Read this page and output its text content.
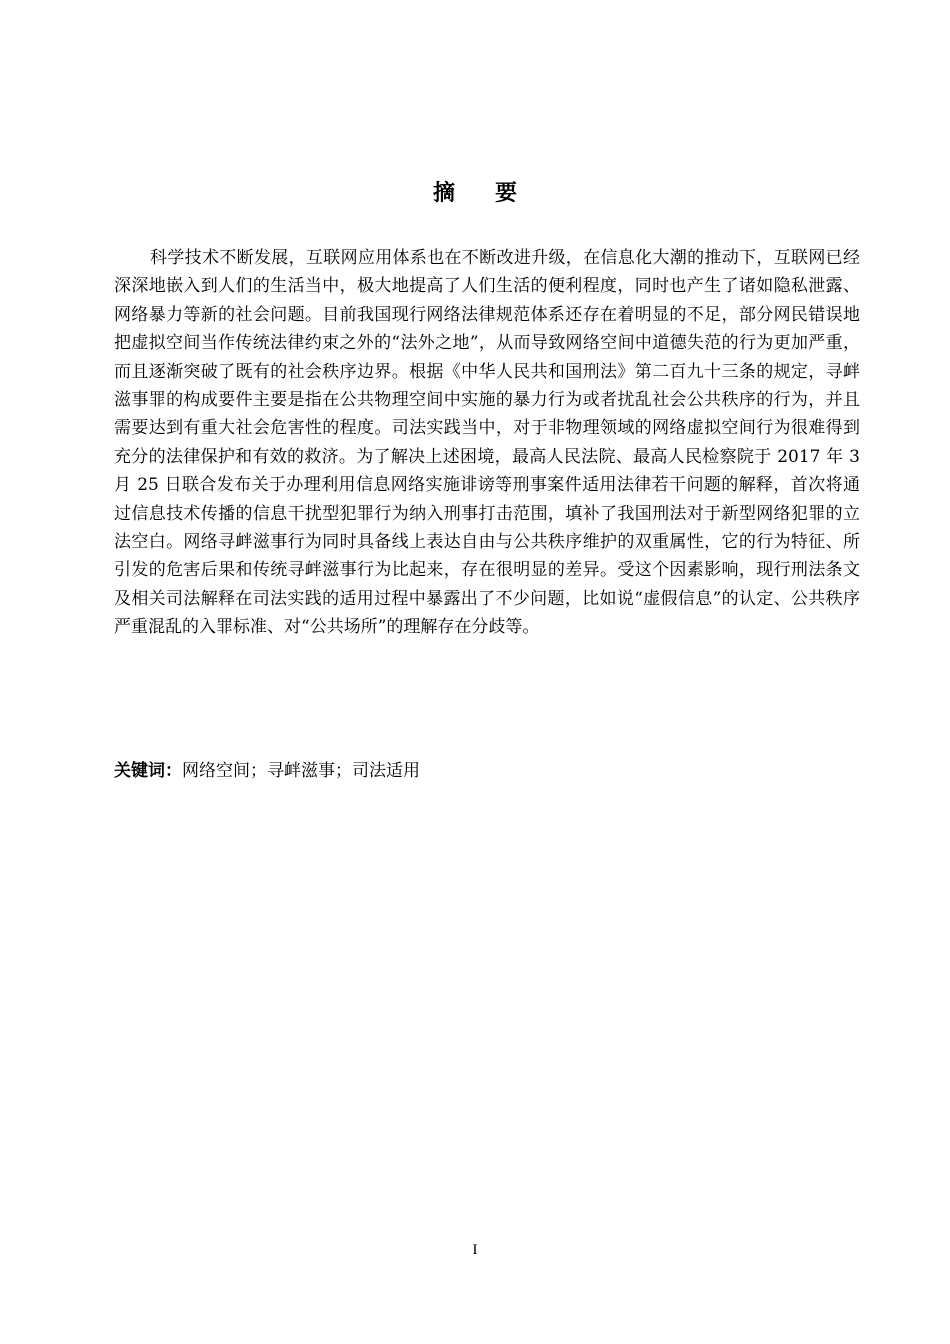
摘要

科学技术不断发展，互联网应用体系也在不断改进升级，在信息化大潮的推动下，互联网已经深深地嵌入到人们的生活当中，极大地提高了人们生活的便利程度，同时也产生了诸如隐私泄露、网络暴力等新的社会问题。目前我国现行网络法律规范体系还存在着明显的不足，部分网民错误地把虚拟空间当作传统法律约束之外的“法外之地”，从而导致网络空间中道德失范的行为更加严重，而且逐渐突破了既有的社会秩序边界。根据《中华人民共和国刑法》第二百九十三条的规定，寻衅滋事罪的构成要件主要是指在公共物理空间中实施的暴力行为或者扰乱社会公共秩序的行为，并且需要达到有重大社会危害性的程度。司法实践当中，对于非物理领域的网络虚拟空间行为很难得到充分的法律保护和有效的救济。为了解决上述困境，最高人民法院、最高人民检察院于 2017 年 3 月 25 日联合发布关于办理利用信息网络实施诽谤等刑事案件适用法律若干问题的解释，首次将通过信息技术传播的信息干扰型犯罪行为纳入刑事打击范围，填补了我国刑法对于新型网络犯罪的立法空白。网络寻衅滋事行为同时具备线上表达自由与公共秩序维护的双重属性，它的行为特征、所引发的危害后果和传统寻衅滋事行为比起来，存在很明显的差异。受这个因素影响，现行刑法条文及相关司法解释在司法实践的适用过程中暴露出了不少问题，比如说“虚假信息”的认定、公共秩序严重混乱的入罪标准、对“公共场所”的理解存在分歧等。

关键词：网络空间；寻衅滋事；司法适用
I
